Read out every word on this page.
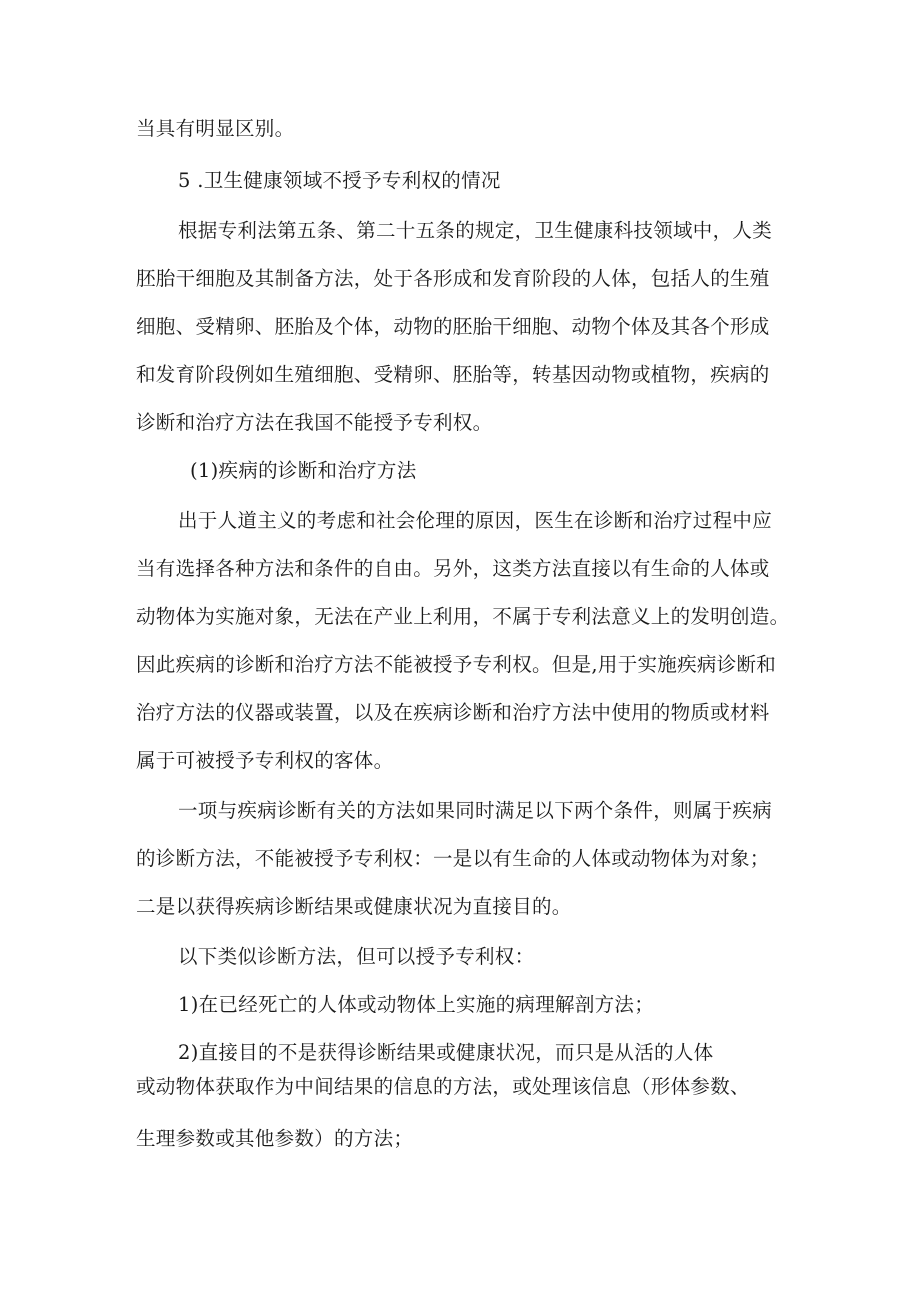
当具有明显区别。
5 .卫生健康领域不授予专利权的情况
根据专利法第五条、第二十五条的规定，卫生健康科技领域中，人类
胚胎干细胞及其制备方法，处于各形成和发育阶段的人体，包括人的生殖
细胞、受精卵、胚胎及个体，动物的胚胎干细胞、动物个体及其各个形成
和发育阶段例如生殖细胞、受精卵、胚胎等，转基因动物或植物，疾病的
诊断和治疗方法在我国不能授予专利权。
(1)疾病的诊断和治疗方法
出于人道主义的考虑和社会伦理的原因，医生在诊断和治疗过程中应
当有选择各种方法和条件的自由。另外，这类方法直接以有生命的人体或
动物体为实施对象，无法在产业上利用，不属于专利法意义上的发明创造。
因此疾病的诊断和治疗方法不能被授予专利权。但是,用于实施疾病诊断和
治疗方法的仪器或装置，以及在疾病诊断和治疗方法中使用的物质或材料
属于可被授予专利权的客体。
一项与疾病诊断有关的方法如果同时满足以下两个条件，则属于疾病
的诊断方法，不能被授予专利权：一是以有生命的人体或动物体为对象；
二是以获得疾病诊断结果或健康状况为直接目的。
以下类似诊断方法，但可以授予专利权：
1)在已经死亡的人体或动物体上实施的病理解剖方法；
2)直接目的不是获得诊断结果或健康状况，而只是从活的人体
或动物体获取作为中间结果的信息的方法，或处理该信息（形体参数、
生理参数或其他参数）的方法；
